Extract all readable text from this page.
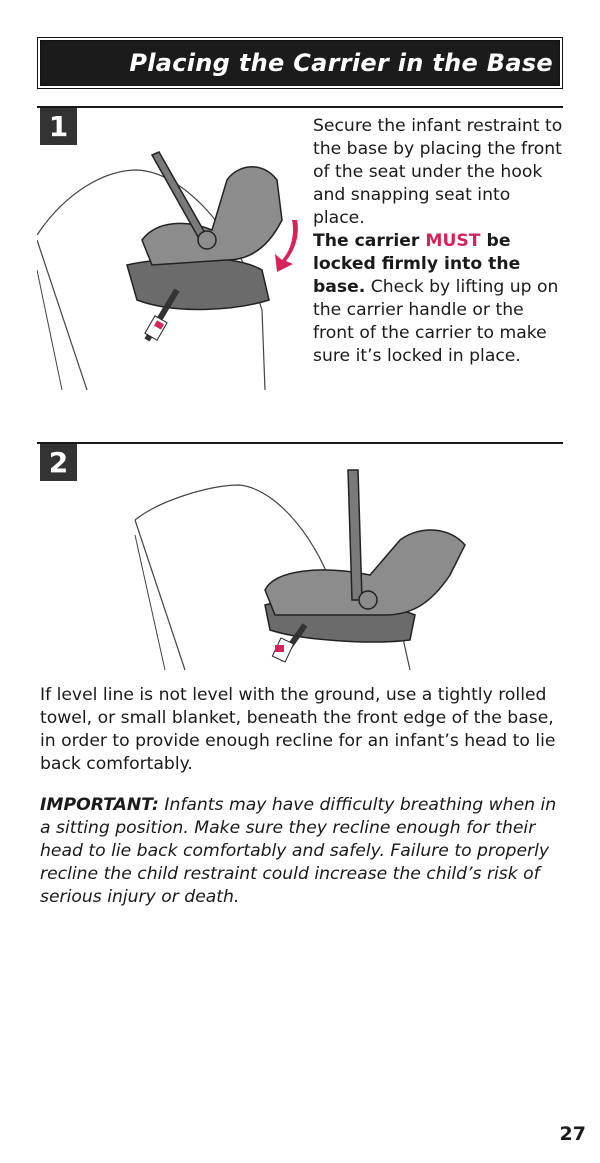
Placing the Carrier in the Base
1	Secure the infant restraint to the base by placing the front of the seat under the hook and snapping seat into place.
The carrier MUST be locked firmly into the base. Check by lifting up on the carrier handle or the front of the carrier to make sure it’s locked in place.
2
If level line is not level with the ground, use a tightly rolled towel, or small blanket, beneath the front edge of the base, in order to provide enough recline for an infant’s head to lie back comfortably.
IMPORTANT: Infants may have difficulty breathing when in a sitting position. Make sure they recline enough for their head to lie back comfortably and safely. Failure to properly recline the child restraint could increase the child’s risk of serious injury or death.
27
